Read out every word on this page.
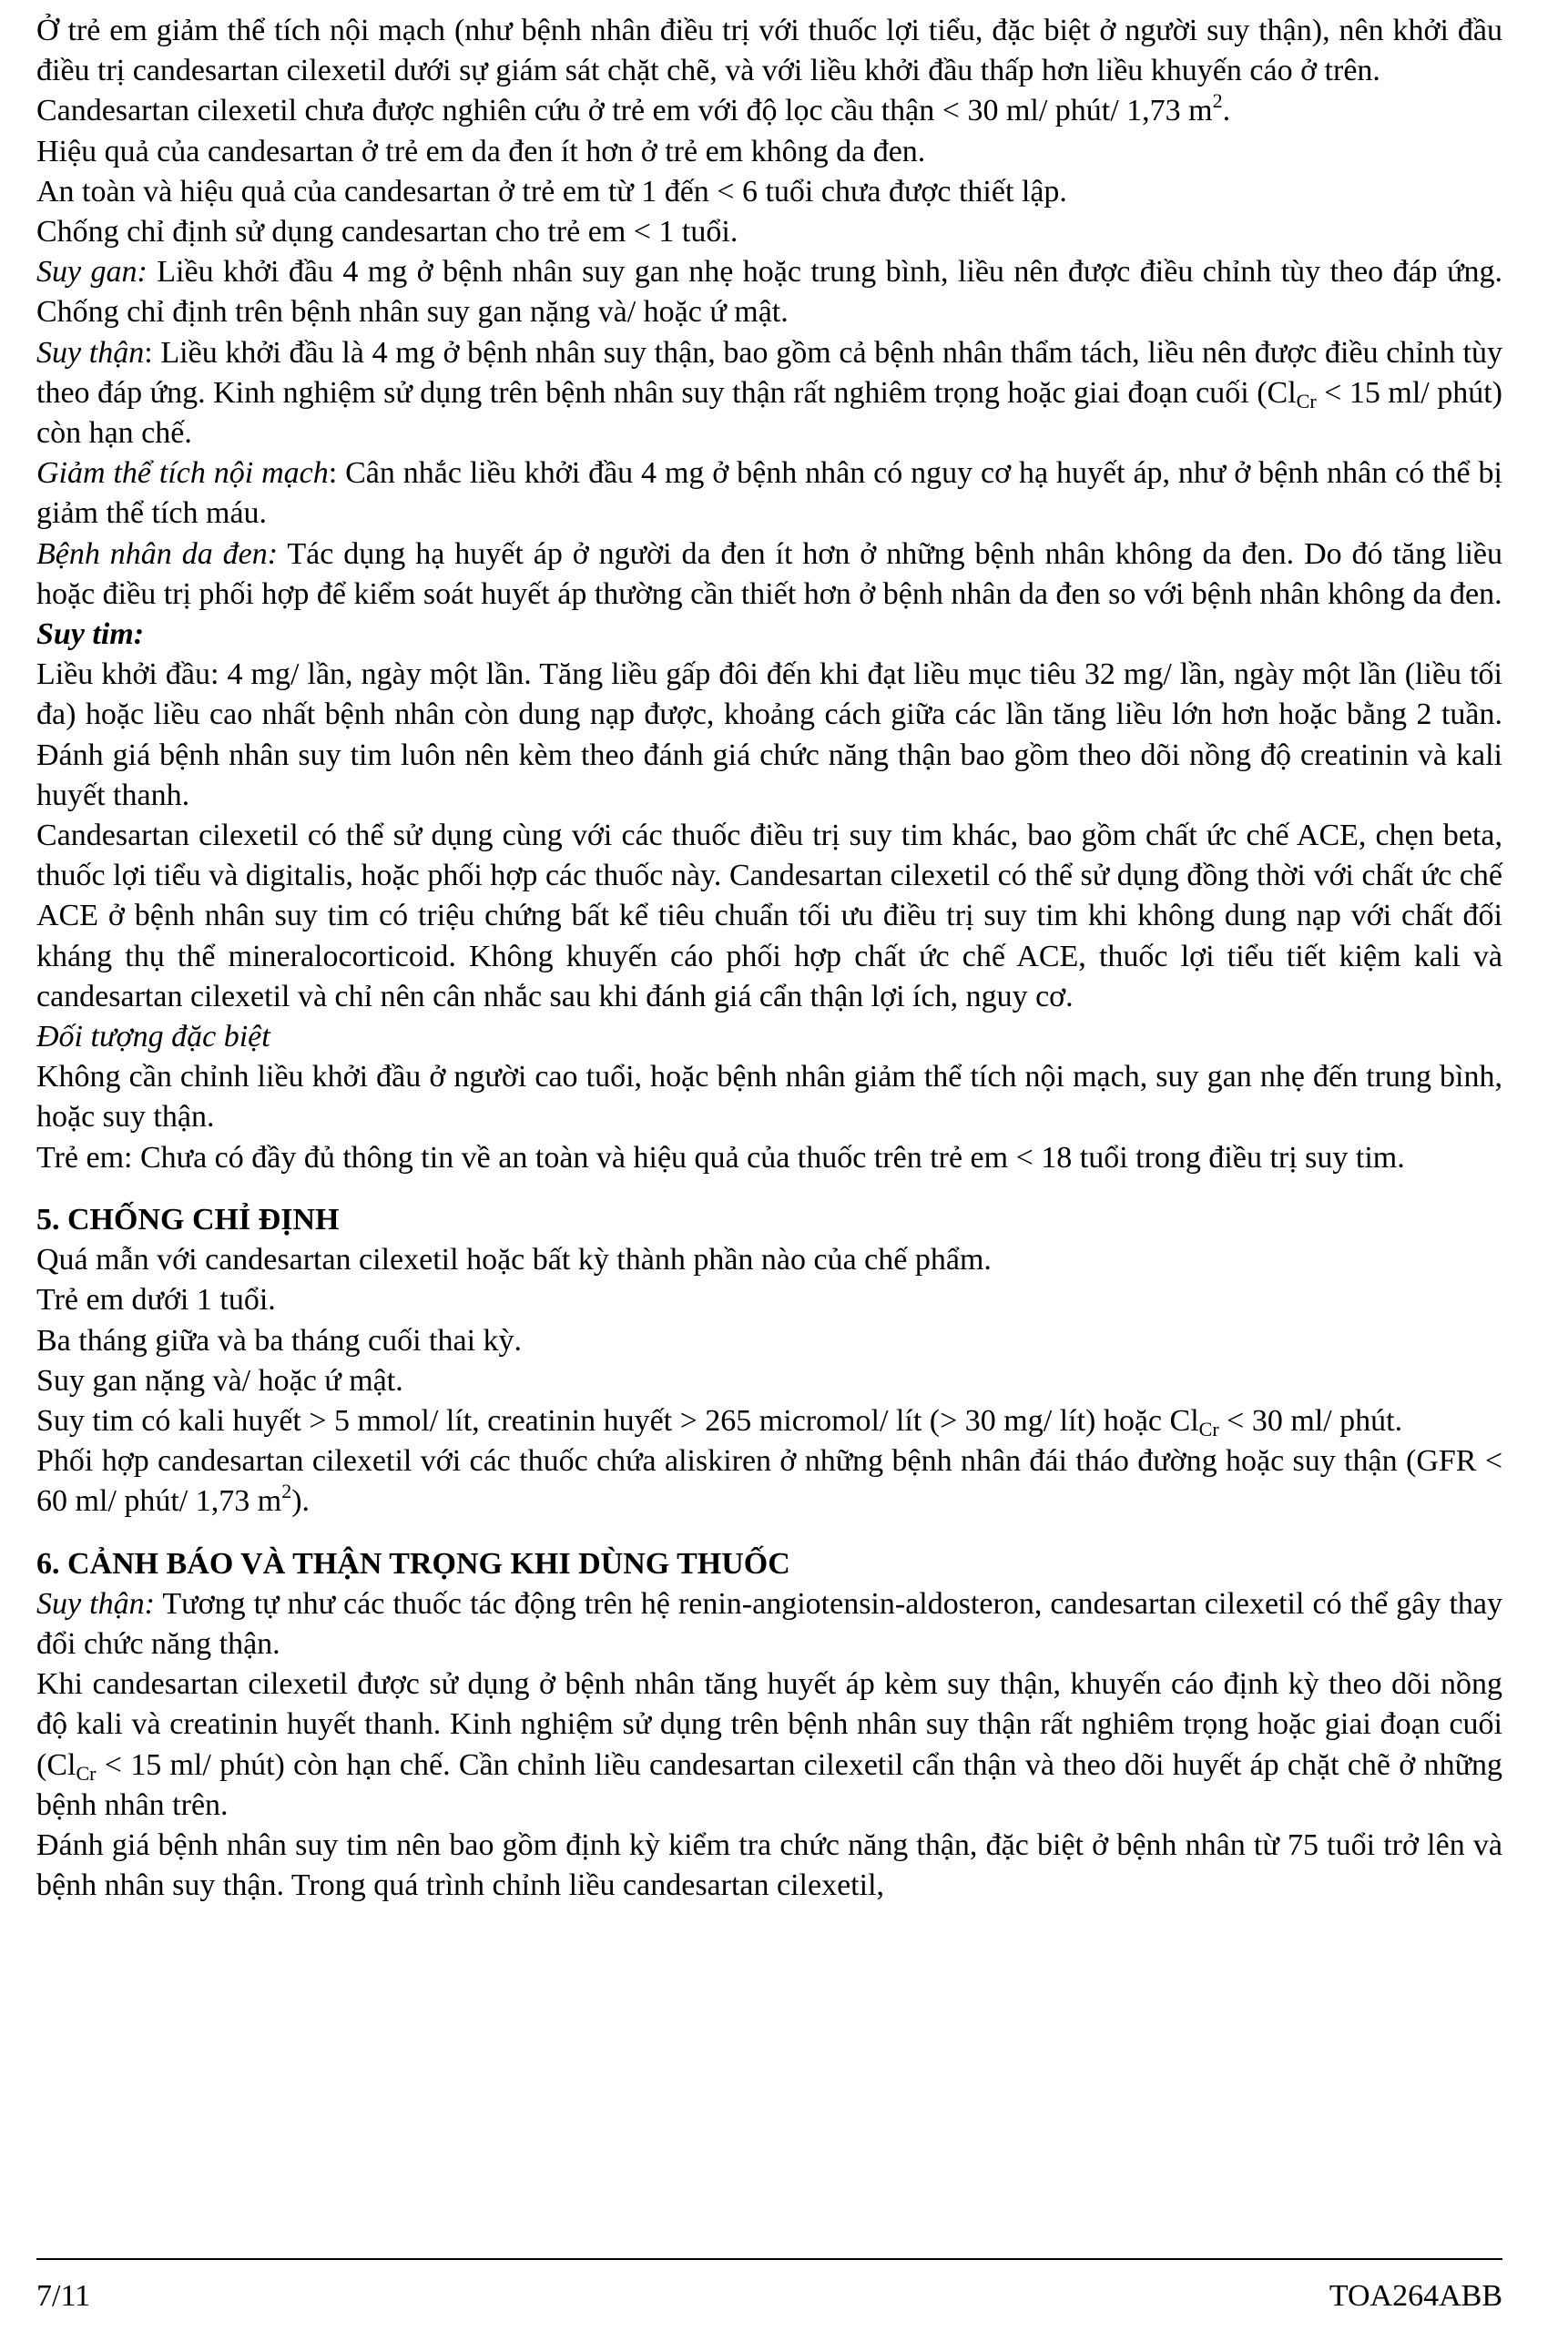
Ở trẻ em giảm thể tích nội mạch (như bệnh nhân điều trị với thuốc lợi tiểu, đặc biệt ở người suy thận), nên khởi đầu điều trị candesartan cilexetil dưới sự giám sát chặt chẽ, và với liều khởi đầu thấp hơn liều khuyến cáo ở trên.

Candesartan cilexetil chưa được nghiên cứu ở trẻ em với độ lọc cầu thận < 30 ml/ phút/ 1,73 $m^2$.

Hiệu quả của candesartan ở trẻ em da đen ít hơn ở trẻ em không da đen.

An toàn và hiệu quả của candesartan ở trẻ em từ 1 đến < 6 tuổi chưa được thiết lập.

Chống chỉ định sử dụng candesartan cho trẻ em < 1 tuổi.

Suy gan: Liều khởi đầu 4 mg ở bệnh nhân suy gan nhẹ hoặc trung bình, liều nên được điều chỉnh tùy theo đáp ứng. Chống chỉ định trên bệnh nhân suy gan nặng và/ hoặc ứ mật.

Suy thận: Liều khởi đầu là 4 mg ở bệnh nhân suy thận, bao gồm cả bệnh nhân thẩm tách, liều nên được điều chỉnh tùy theo đáp ứng. Kinh nghiệm sử dụng trên bệnh nhân suy thận rất nghiêm trọng hoặc giai đoạn cuối ($Cl_{Cr} < 15$ ml/ phút) còn hạn chế.

Giảm thể tích nội mạch: Cân nhắc liều khởi đầu 4 mg ở bệnh nhân có nguy cơ hạ huyết áp, như ở bệnh nhân có thể bị giảm thể tích máu.

Bệnh nhân da đen: Tác dụng hạ huyết áp ở người da đen ít hơn ở những bệnh nhân không da đen. Do đó tăng liều hoặc điều trị phối hợp để kiểm soát huyết áp thường cần thiết hơn ở bệnh nhân da đen so với bệnh nhân không da đen.

Suy tim:

Liều khởi đầu: 4 mg/ lần, ngày một lần. Tăng liều gấp đôi đến khi đạt liều mục tiêu 32 mg/ lần, ngày một lần (liều tối đa) hoặc liều cao nhất bệnh nhân còn dung nạp được, khoảng cách giữa các lần tăng liều lớn hơn hoặc bằng 2 tuần. Đánh giá bệnh nhân suy tim luôn nên kèm theo đánh giá chức năng thận bao gồm theo dõi nồng độ creatinin và kali huyết thanh.

Candesartan cilexetil có thể sử dụng cùng với các thuốc điều trị suy tim khác, bao gồm chất ức chế ACE, chẹn beta, thuốc lợi tiểu và digitalis, hoặc phối hợp các thuốc này. Candesartan cilexetil có thể sử dụng đồng thời với chất ức chế ACE ở bệnh nhân suy tim có triệu chứng bất kể tiêu chuẩn tối ưu điều trị suy tim khi không dung nạp với chất đối kháng thụ thể mineralocorticoid. Không khuyến cáo phối hợp chất ức chế ACE, thuốc lợi tiểu tiết kiệm kali và candesartan cilexetil và chỉ nên cân nhắc sau khi đánh giá cẩn thận lợi ích, nguy cơ.

Đối tượng đặc biệt

Không cần chỉnh liều khởi đầu ở người cao tuổi, hoặc bệnh nhân giảm thể tích nội mạch, suy gan nhẹ đến trung bình, hoặc suy thận.

Trẻ em: Chưa có đầy đủ thông tin về an toàn và hiệu quả của thuốc trên trẻ em < 18 tuổi trong điều trị suy tim.

5. CHỐNG CHỈ ĐỊNH

Quá mẫn với candesartan cilexetil hoặc bất kỳ thành phần nào của chế phẩm.

Trẻ em dưới 1 tuổi.

Ba tháng giữa và ba tháng cuối thai kỳ.

Suy gan nặng và/ hoặc ứ mật.

Suy tim có kali huyết > 5 mmol/ lít, creatinin huyết > 265 micromol/ lít (> 30 mg/ lít) hoặc $Cl_{Cr} < 30$ ml/ phút.

Phối hợp candesartan cilexetil với các thuốc chứa aliskiren ở những bệnh nhân đái tháo đường hoặc suy thận (GFR < 60 ml/ phút/ 1,73 $m^2$).

6. CẢNH BÁO VÀ THẬN TRỌNG KHI DÙNG THUỐC

Suy thận: Tương tự như các thuốc tác động trên hệ renin-angiotensin-aldosteron, candesartan cilexetil có thể gây thay đổi chức năng thận.

Khi candesartan cilexetil được sử dụng ở bệnh nhân tăng huyết áp kèm suy thận, khuyến cáo định kỳ theo dõi nồng độ kali và creatinin huyết thanh. Kinh nghiệm sử dụng trên bệnh nhân suy thận rất nghiêm trọng hoặc giai đoạn cuối ($Cl_{Cr} < 15$ ml/ phút) còn hạn chế. Cần chỉnh liều candesartan cilexetil cẩn thận và theo dõi huyết áp chặt chẽ ở những bệnh nhân trên.

Đánh giá bệnh nhân suy tim nên bao gồm định kỳ kiểm tra chức năng thận, đặc biệt ở bệnh nhân từ 75 tuổi trở lên và bệnh nhân suy thận. Trong quá trình chỉnh liều candesartan cilexetil,

7/11	TOA264ABB
